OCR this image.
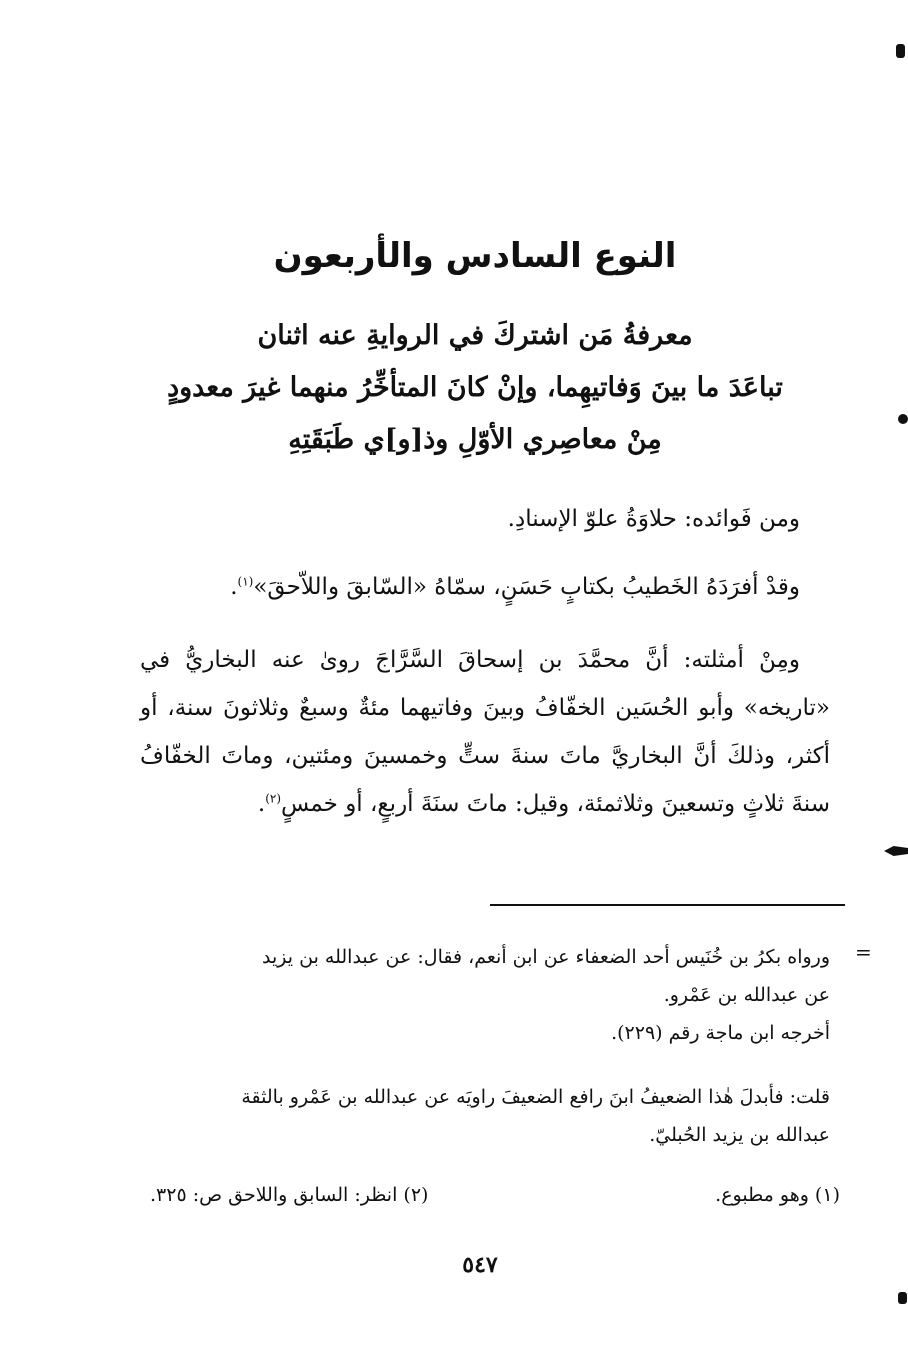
النوع السادس والأربعون
معرفةُ مَن اشتركَ في الروايةِ عنه اثنان
تباعَدَ ما بينَ وَفاتيهِما، وإنْ كانَ المتأخِّرُ منهما غيرَ معدودٍ
مِنْ معاصِري الأوّلِ وذ[و]ي طَبَقَتِهِ
ومن فَوائده: حلاوَةُ علوّ الإسنادِ.
وقدْ أفرَدَهُ الخَطيبُ بكتابٍ حَسَنٍ، سمّاهُ «السّابقَ واللاّحقَ»$^{(١)}$.
ومِنْ أمثلته: أنَّ محمَّدَ بن إسحاقَ السَّرَّاجَ روىٰ عنه البخاريُّ في «تاريخه» وأبو الحُسَين الخفّافُ وبينَ وفاتيهما مئةٌ وسبعٌ وثلاثونَ سنة، أو أكثر، وذلكَ أنَّ البخاريَّ ماتَ سنةَ ستٍّ وخمسينَ ومئتين، وماتَ الخفّافُ سنةَ ثلاثٍ وتسعينَ وثلاثمئة، وقيل: ماتَ سنَةَ أربعٍ، أو خمسٍ$^{(٢)}$.
=
ورواه بكرُ بن خُنَيس أحد الضعفاء عن ابن أنعم، فقال: عن عبدالله بن يزيد
عن عبدالله بن عَمْرو.
أخرجه ابن ماجة رقم (٢٢٩).
قلت: فأبدلَ هٰذا الضعيفُ ابنَ رافع الضعيفَ راويَه عن عبدالله بن عَمْرو بالثقة
عبدالله بن يزيد الحُبليّ.
(١) وهو مطبوع.
(٢) انظر: السابق واللاحق ص: ٣٢٥.
٥٤٧
